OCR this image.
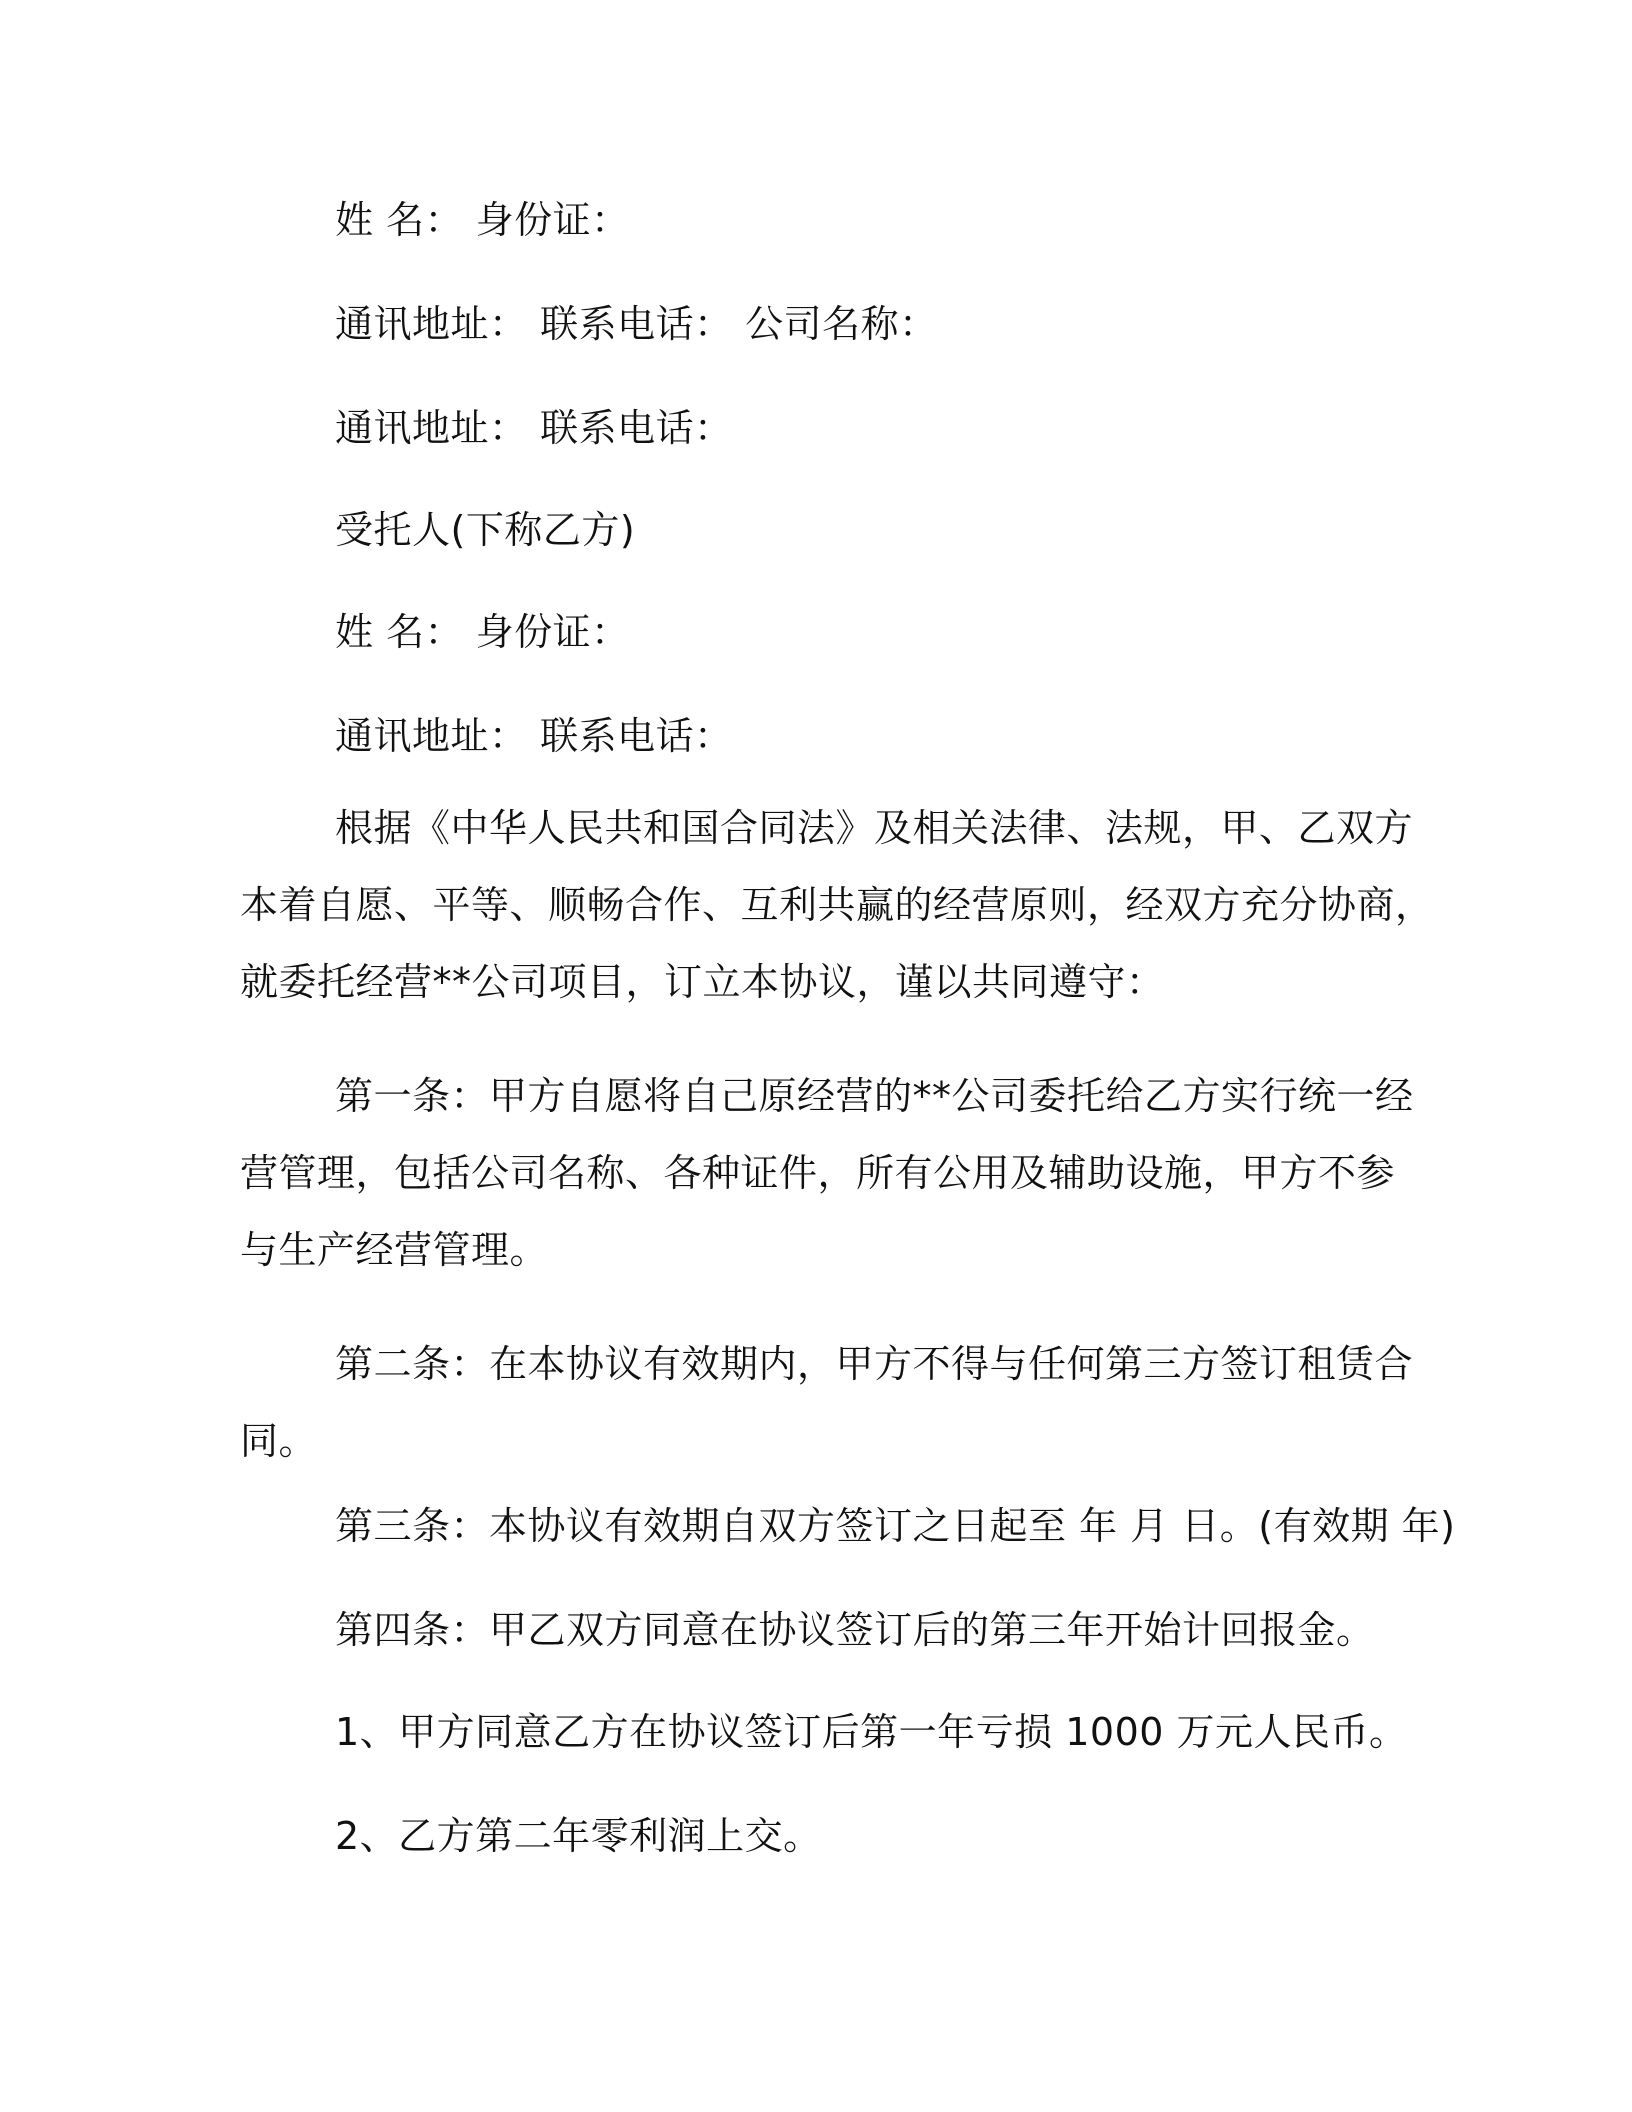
姓 名： 身份证：
通讯地址： 联系电话： 公司名称：
通讯地址： 联系电话：
受托人(下称乙方)
姓 名： 身份证：
通讯地址： 联系电话：
根据《中华人民共和国合同法》及相关法律、法规，甲、乙双方
本着自愿、平等、顺畅合作、互利共赢的经营原则，经双方充分协商，
就委托经营**公司项目，订立本协议，谨以共同遵守：
第一条：甲方自愿将自己原经营的**公司委托给乙方实行统一经
营管理，包括公司名称、各种证件，所有公用及辅助设施，甲方不参
与生产经营管理。
第二条：在本协议有效期内，甲方不得与任何第三方签订租赁合
同。
第三条：本协议有效期自双方签订之日起至 年 月 日。(有效期 年)
第四条：甲乙双方同意在协议签订后的第三年开始计回报金。
1、甲方同意乙方在协议签订后第一年亏损 1000 万元人民币。
2、乙方第二年零利润上交。
